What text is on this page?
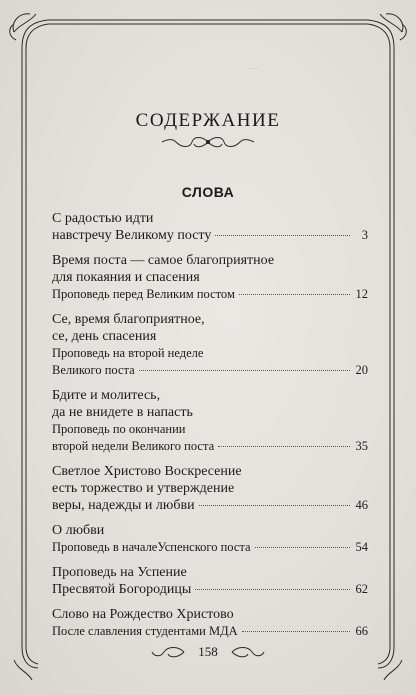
—
СОДЕРЖАНИЕ
СЛОВА
С радостью идти
навстречу Великому посту	3
Время поста — самое благоприятное
для покаяния и спасения
Проповедь перед Великим постом	12
Се, время благоприятное,
се, день спасения
Проповедь на второй неделе
Великого поста	20
Бдите и молитесь,
да не внидете в напасть
Проповедь по окончании
второй недели Великого поста	35
Светлое Христово Воскресение
есть торжество и утверждение
веры, надежды и любви	46
О любви
Проповедь в началеУспенского поста	54
Проповедь на Успение
Пресвятой Богородицы	62
Слово на Рождество Христово
После славления студентами МДА	66
158
